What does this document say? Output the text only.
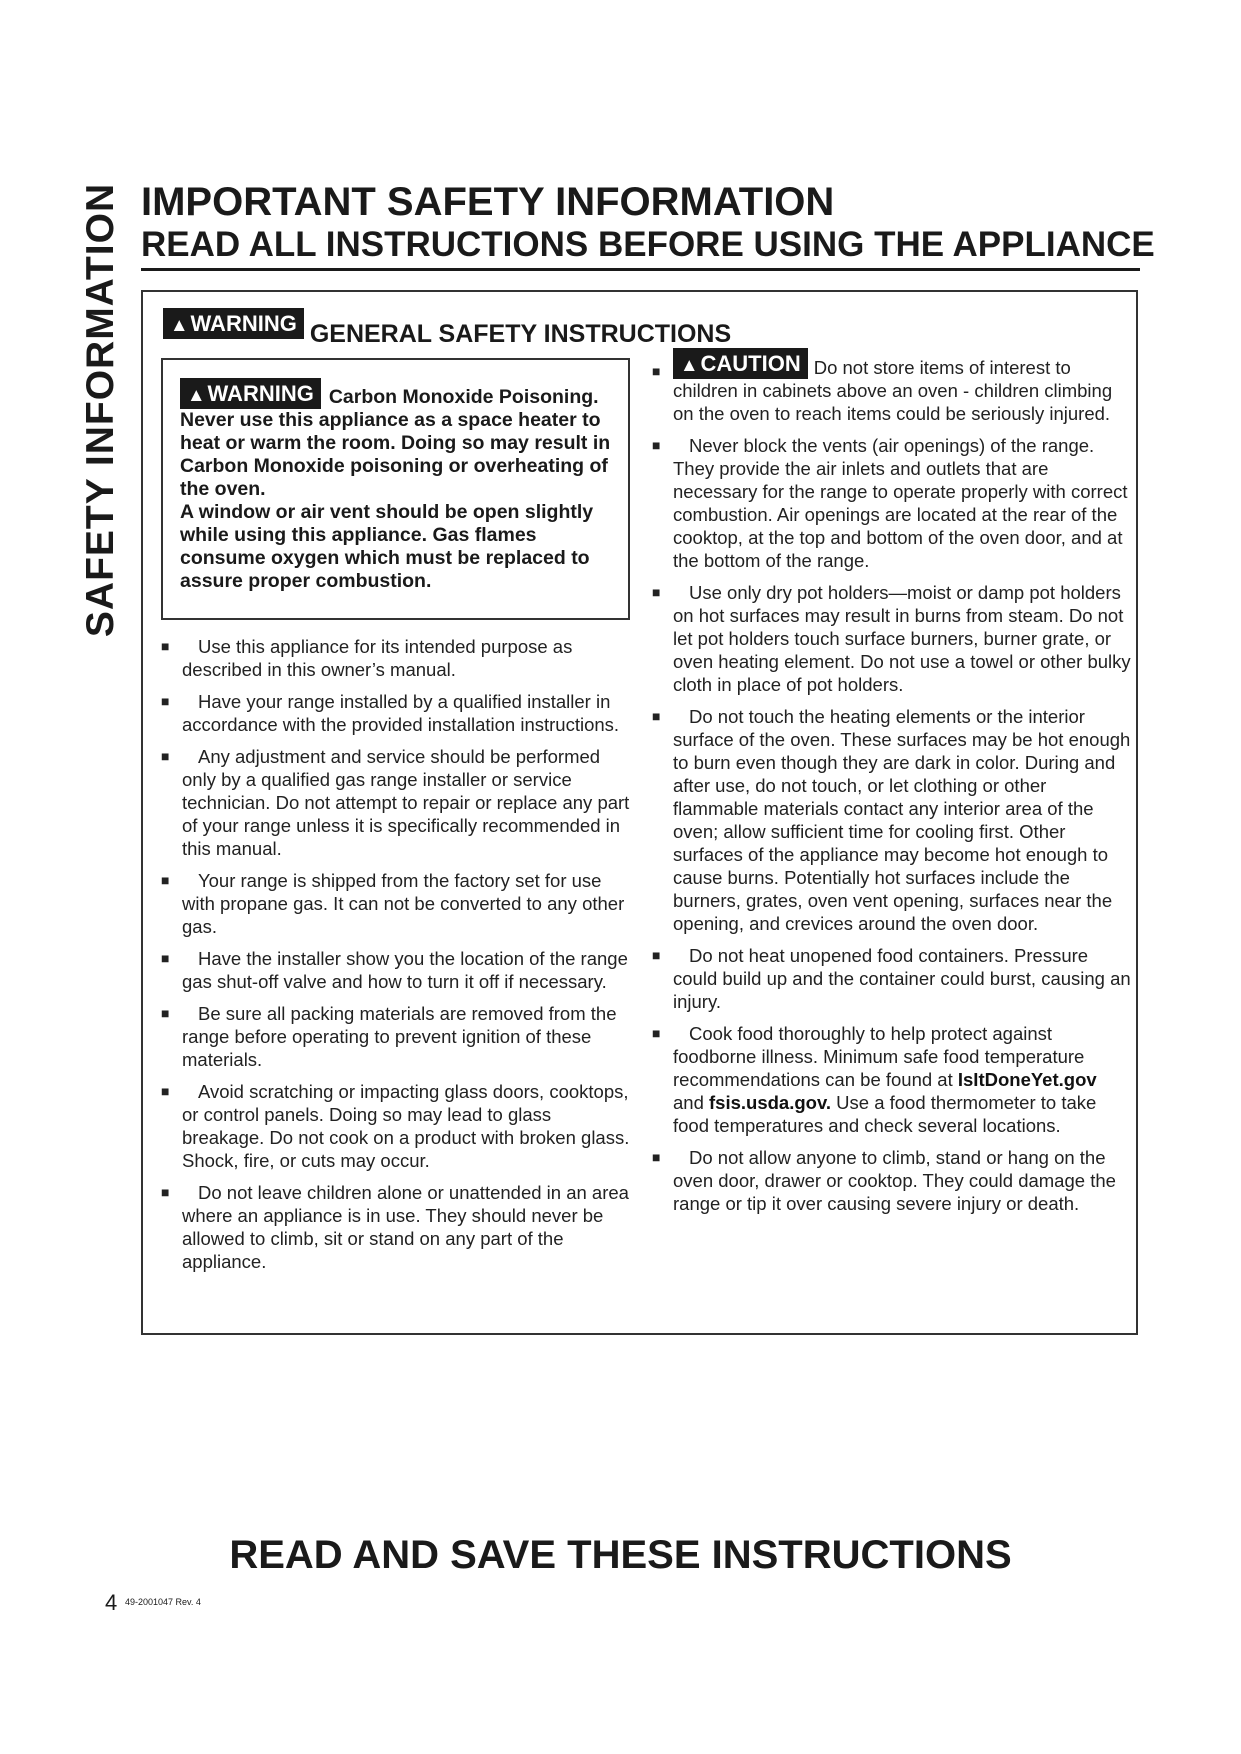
SAFETY INFORMATION IMPORTANT SAFETY INFORMATION
READ ALL INSTRUCTIONS BEFORE USING THE APPLIANCE
▲WARNING GENERAL SAFETY INSTRUCTIONS
▲WARNING Carbon Monoxide Poisoning.
Never use this appliance as a space heater to heat or warm the room. Doing so may result in Carbon Monoxide poisoning or overheating of the oven.
A window or air vent should be open slightly while using this appliance. Gas flames consume oxygen which must be replaced to assure proper combustion.
■ Use this appliance for its intended purpose as described in this owner’s manual.
■ Have your range installed by a qualified installer in accordance with the provided installation instructions.
■ Any adjustment and service should be performed only by a qualified gas range installer or service technician. Do not attempt to repair or replace any part of your range unless it is specifically recommended in this manual.
■ Your range is shipped from the factory set for use with propane gas. It can not be converted to any other gas.
■ Have the installer show you the location of the range gas shut-off valve and how to turn it off if necessary.
■ Be sure all packing materials are removed from the range before operating to prevent ignition of these materials.
■ Avoid scratching or impacting glass doors, cooktops, or control panels. Doing so may lead to glass breakage. Do not cook on a product with broken glass. Shock, fire, or cuts may occur.
■ Do not leave children alone or unattended in an area where an appliance is in use. They should never be allowed to climb, sit or stand on any part of the appliance.
■ ▲CAUTION Do not store items of interest to children in cabinets above an oven - children climbing on the oven to reach items could be seriously injured.
■ Never block the vents (air openings) of the range. They provide the air inlets and outlets that are necessary for the range to operate properly with correct combustion. Air openings are located at the rear of the cooktop, at the top and bottom of the oven door, and at the bottom of the range.
■ Use only dry pot holders—moist or damp pot holders on hot surfaces may result in burns from steam. Do not let pot holders touch surface burners, burner grate, or oven heating element. Do not use a towel or other bulky cloth in place of pot holders.
■ Do not touch the heating elements or the interior surface of the oven. These surfaces may be hot enough to burn even though they are dark in color. During and after use, do not touch, or let clothing or other flammable materials contact any interior area of the oven; allow sufficient time for cooling first. Other surfaces of the appliance may become hot enough to cause burns. Potentially hot surfaces include the burners, grates, oven vent opening, surfaces near the opening, and crevices around the oven door.
■ Do not heat unopened food containers. Pressure could build up and the container could burst, causing an injury.
■ Cook food thoroughly to help protect against foodborne illness. Minimum safe food temperature recommendations can be found at IsItDoneYet.gov and fsis.usda.gov. Use a food thermometer to take food temperatures and check several locations.
■ Do not allow anyone to climb, stand or hang on the oven door, drawer or cooktop. They could damage the range or tip it over causing severe injury or death.
READ AND SAVE THESE INSTRUCTIONS
4 49-2001047 Rev. 4
